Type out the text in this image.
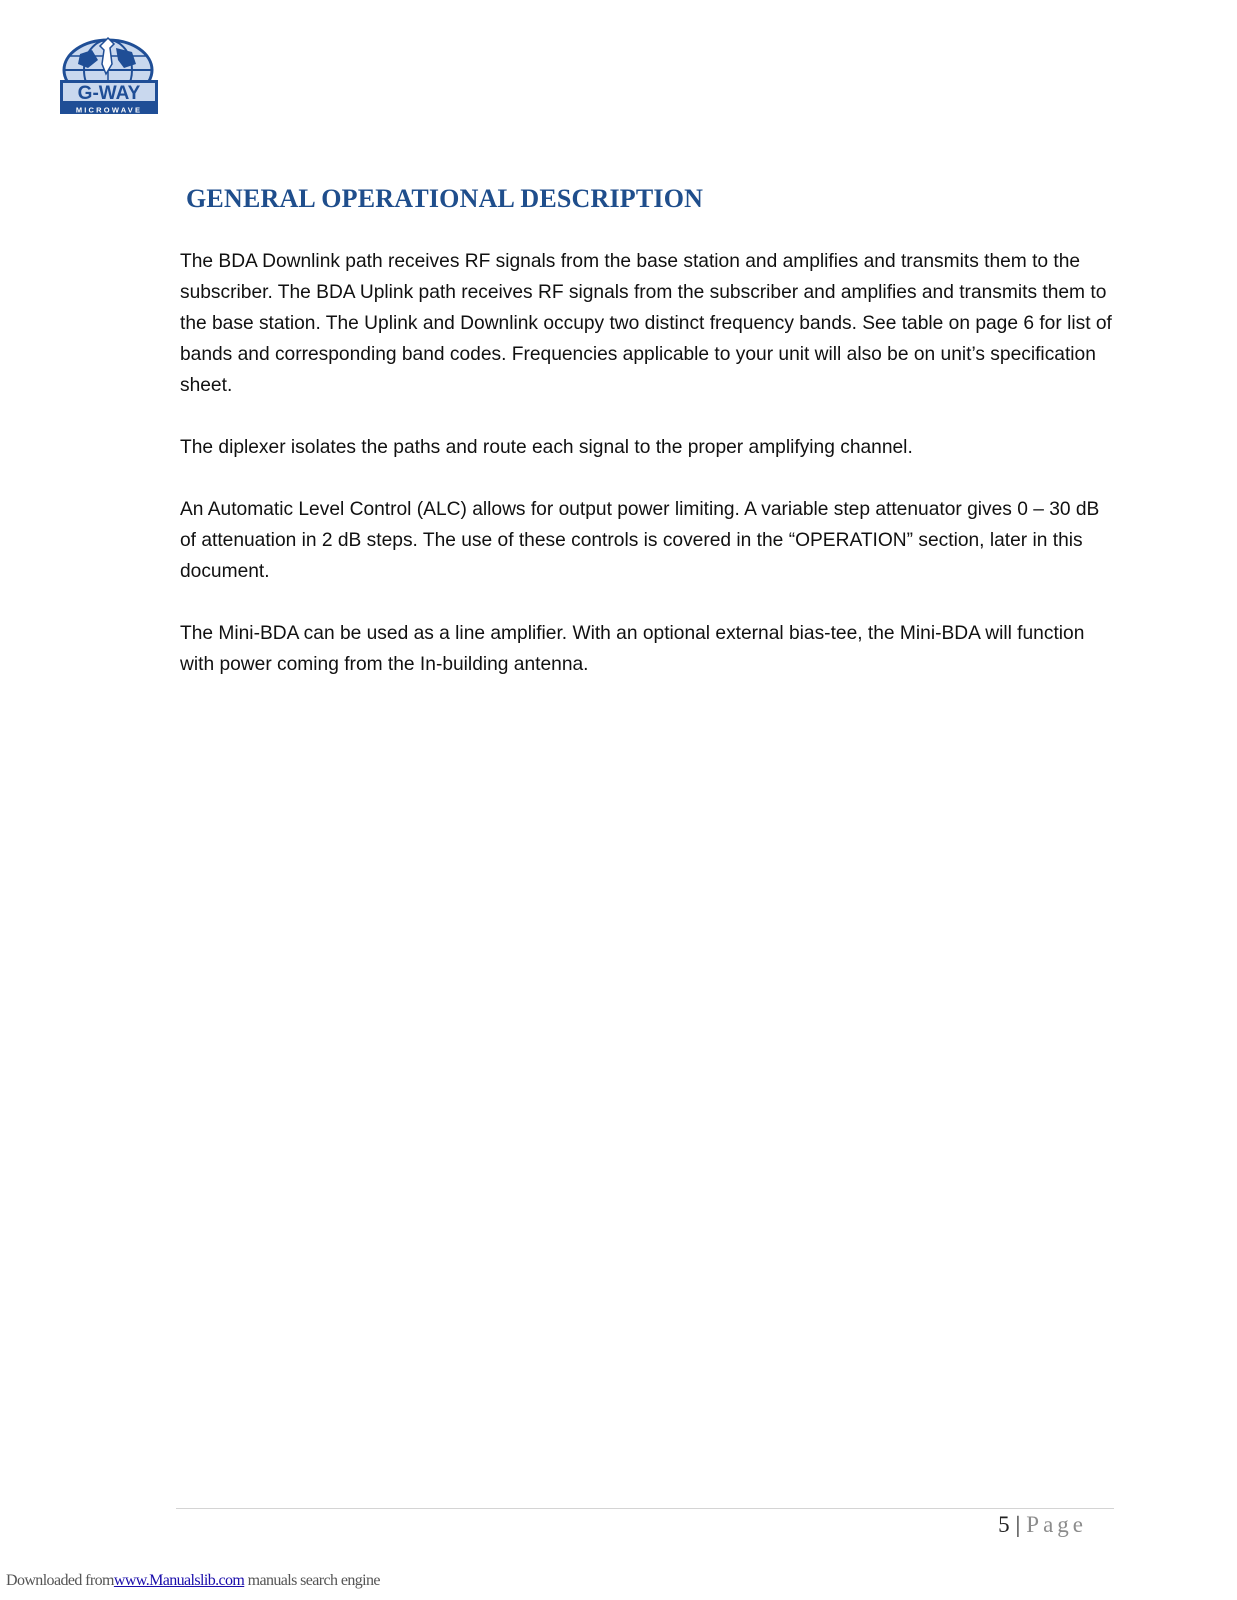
G-WAY
MICROWAVE
GENERAL OPERATIONAL DESCRIPTION

The BDA Downlink path receives RF signals from the base station and amplifies and transmits them to the subscriber. The BDA Uplink path receives RF signals from the subscriber and amplifies and transmits them to the base station. The Uplink and Downlink occupy two distinct frequency bands. See table on page 6 for list of bands and corresponding band codes. Frequencies applicable to your unit will also be on unit’s specification sheet.

The diplexer isolates the paths and route each signal to the proper amplifying channel.

An Automatic Level Control (ALC) allows for output power limiting. A variable step attenuator gives 0 – 30 dB of attenuation in 2 dB steps. The use of these controls is covered in the “OPERATION” section, later in this document.

The Mini-BDA can be used as a line amplifier. With an optional external bias-tee, the Mini-BDA will function with power coming from the In-building antenna.

5 | Page
Downloaded fromwww.Manualslib.com manuals search engine
